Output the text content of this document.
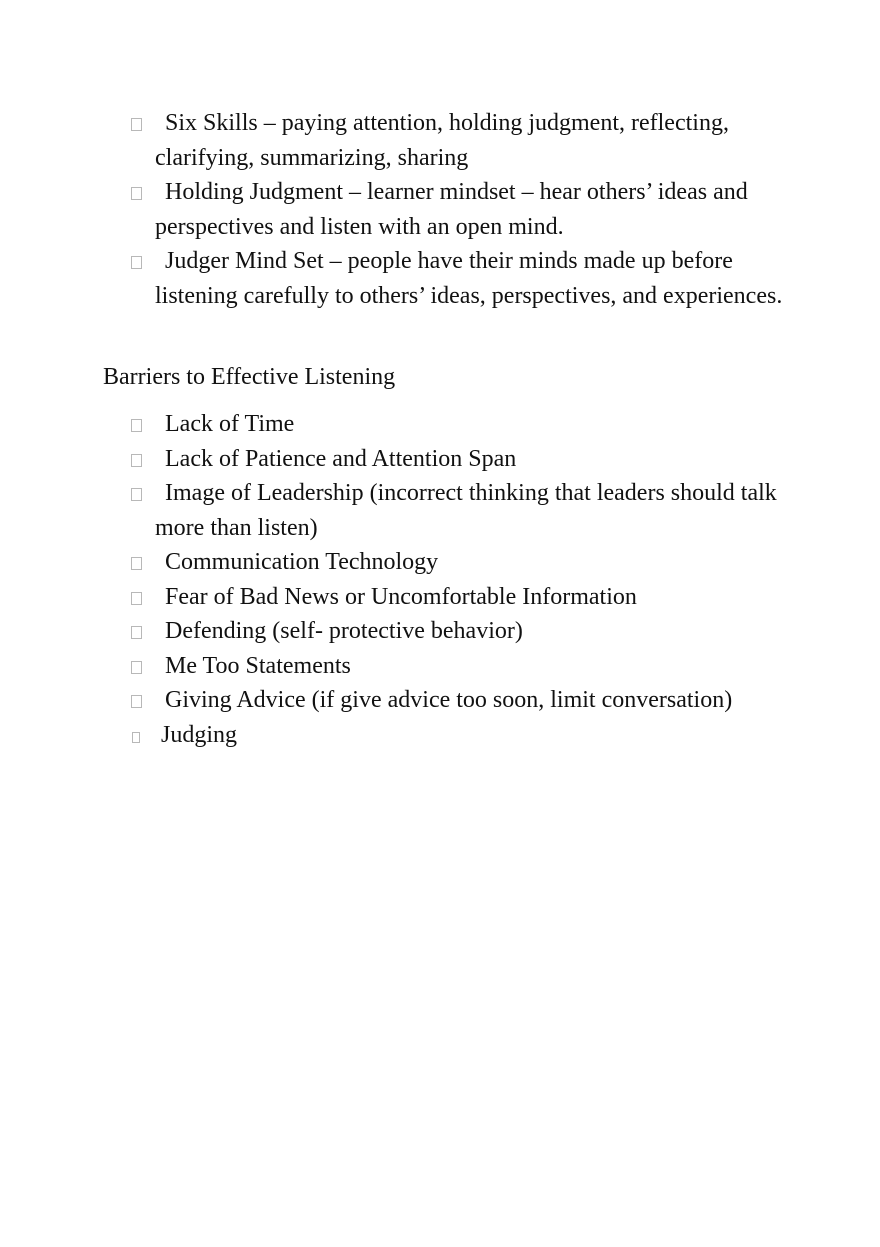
Six Skills – paying attention, holding judgment, reflecting, clarifying, summarizing, sharing
Holding Judgment – learner mindset – hear others’ ideas and perspectives and listen with an open mind.
Judger Mind Set – people have their minds made up before listening carefully to others’ ideas, perspectives, and experiences.
Barriers to Effective Listening
Lack of Time
Lack of Patience and Attention Span
Image of Leadership (incorrect thinking that leaders should talk more than listen)
Communication Technology
Fear of Bad News or Uncomfortable Information
Defending (self- protective behavior)
Me Too Statements
Giving Advice (if give advice too soon, limit conversation)
Judging
